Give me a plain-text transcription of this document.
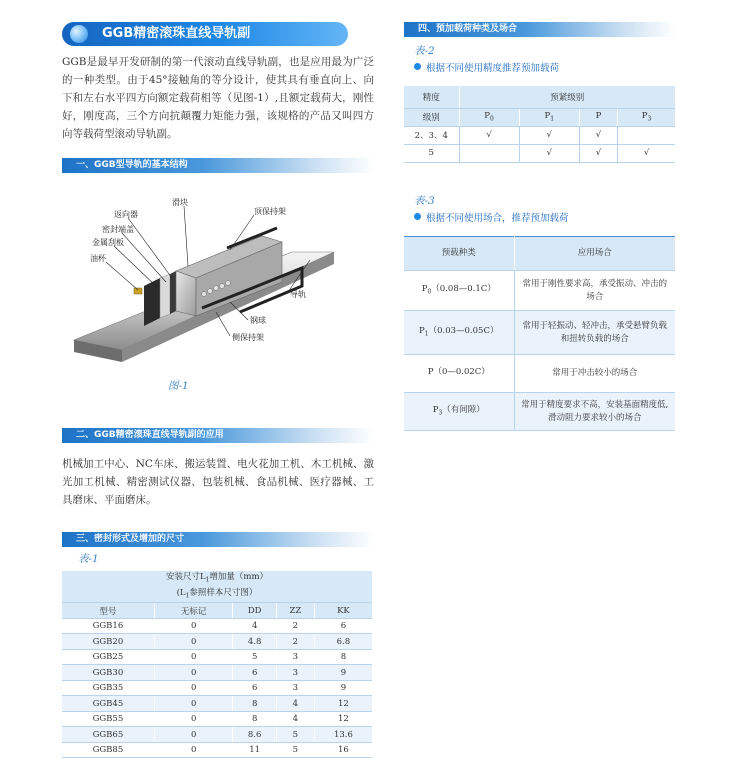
GGB精密滚珠直线导轨副

GGB是最早开发研制的第一代滚动直线导轨副，也是应用最为广泛的一种类型。由于45°接触角的等分设计，使其具有垂直向上、向下和左右水平四方向额定载荷相等（见图-1）,且额定载荷大，刚性好，刚度高，三个方向抗颠覆力矩能力强，该规格的产品又叫四方向等载荷型滚动导轨副。

一、GGB型导轨的基本结构
滑块
顶保持架
返向器
密封端盖
金属刮板
油杯
导轨
钢球
侧保持架
图-1
二、GGB精密滚珠直线导轨副的应用

机械加工中心、NC车床、搬运装置、电火花加工机、木工机械、激光加工机械、精密测试仪器、包装机械、食品机械、医疗器械、工具磨床、平面磨床。

三、密封形式及增加的尺寸
表-1
安装尺寸$L_1$增加量（mm）
($L_1$参照样本尺寸图）				
型号	无标记	DD	ZZ	KK
GGB16	0	4	2	6
GGB20	0	4.8	2	6.8
GGB25	0	5	3	8
GGB30	0	6	3	9
GGB35	0	6	3	9
GGB45	0	8	4	12
GGB55	0	8	4	12
GGB65	0	8.6	5	13.6
GGB85	0	11	5	16
四、预加载荷种类及场合
表-2
根据不同使用精度推荐预加载荷
精度	预紧级别			
级别	$P_0$	$P_1$	P	$P_3$
2、3、4	√	√	√	
5		√	√	√
表-3
根据不同使用场合，推荐预加载荷
预载种类	应用场合
$P_0(0.08—0.1C)$	常用于刚性要求高，承受振动、冲击的场合
$P_1(0.03—0.05C)$	常用于轻振动、轻冲击，承受悬臂负载和扭转负载的场合
P（0—0.02C）	常用于冲击较小的场合
$P_3$（有间隙）	常用于精度要求不高，安装基面精度低,滑动阻力要求较小的场合
